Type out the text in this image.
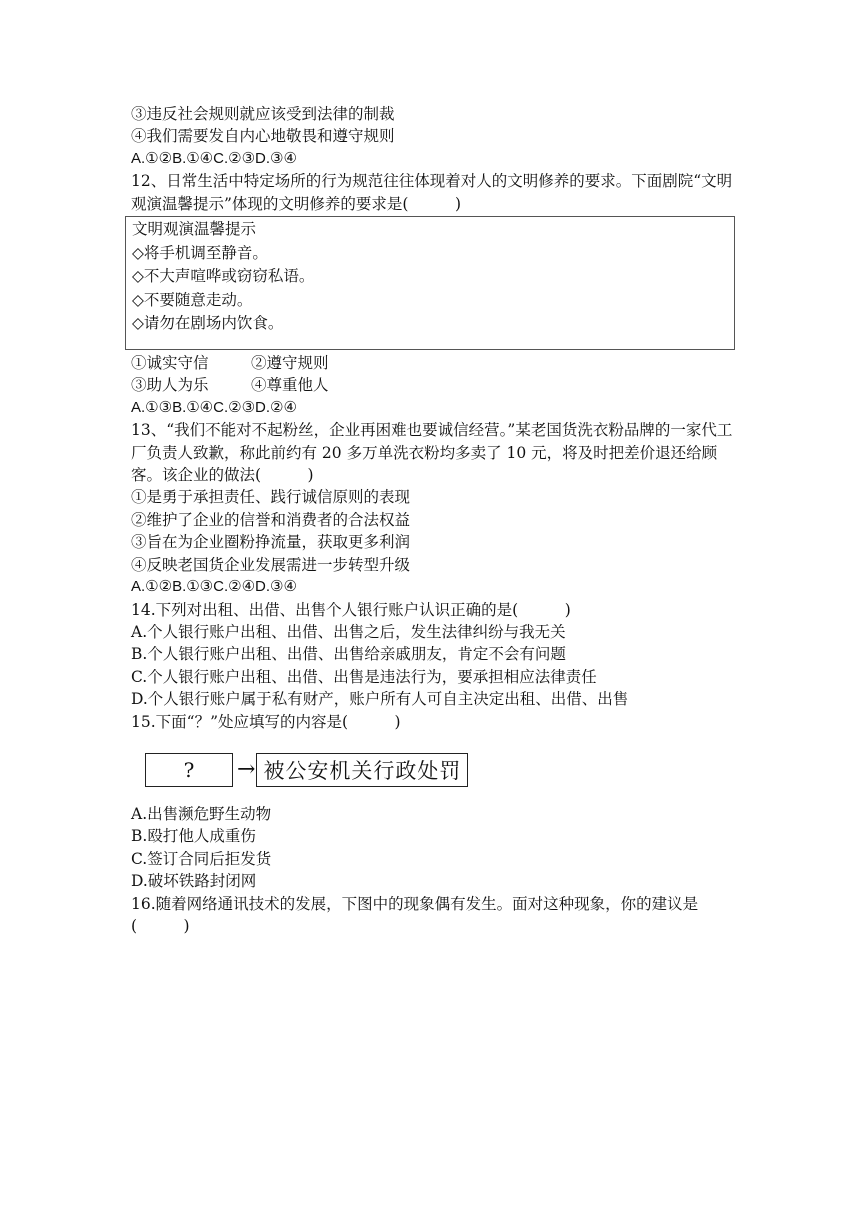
③违反社会规则就应该受到法律的制裁
④我们需要发自内心地敬畏和遵守规则
A.①②B.①④C.②③D.③④
12、日常生活中特定场所的行为规范往往体现着对人的文明修养的要求。下面剧院“文明观演温馨提示”体现的文明修养的要求是(　　　)
文明观演温馨提示
◇将手机调至静音。
◇不大声喧哗或窃窃私语。
◇不要随意走动。
◇请勿在剧场内饮食。
①诚实守信	②遵守规则
③助人为乐	④尊重他人
A.①③B.①④C.②③D.②④
13、“我们不能对不起粉丝，企业再困难也要诚信经营。”某老国货洗衣粉品牌的一家代工厂负责人致歉，称此前约有 20 多万单洗衣粉均多卖了 10 元，将及时把差价退还给顾客。该企业的做法(　　　)
①是勇于承担责任、践行诚信原则的表现
②维护了企业的信誉和消费者的合法权益
③旨在为企业圈粉挣流量，获取更多利润
④反映老国货企业发展需进一步转型升级
A.①②B.①③C.②④D.③④
14.下列对出租、出借、出售个人银行账户认识正确的是(　　　)
A.个人银行账户出租、出借、出售之后，发生法律纠纷与我无关
B.个人银行账户出租、出借、出售给亲戚朋友，肯定不会有问题
C.个人银行账户出租、出借、出售是违法行为，要承担相应法律责任
D.个人银行账户属于私有财产，账户所有人可自主决定出租、出借、出售
15.下面“？”处应填写的内容是(　　　)
?	→ 被公安机关行政处罚
A.出售濒危野生动物
B.殴打他人成重伤
C.签订合同后拒发货
D.破坏铁路封闭网
16.随着网络通讯技术的发展，下图中的现象偶有发生。面对这种现象，你的建议是(　　　)
